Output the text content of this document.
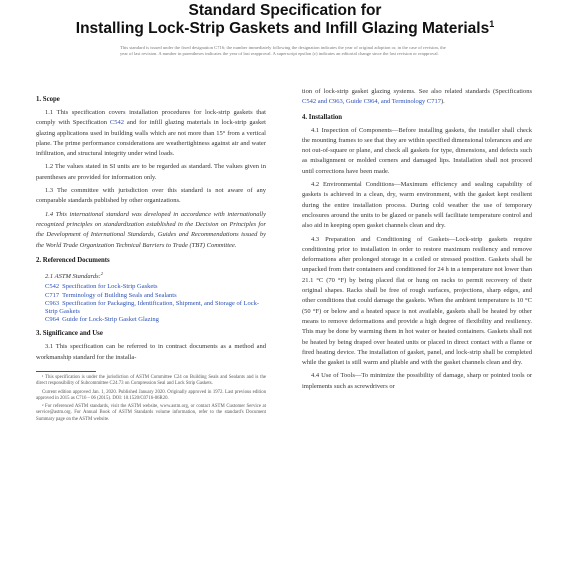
Standard Specification for
Installing Lock-Strip Gaskets and Infill Glazing Materials$^1$
This standard is issued under the fixed designation C716; the number immediately following the designation indicates the year of original adoption or, in the case of revision, the year of last revision. A number in parentheses indicates the year of last reapproval. A superscript epsilon (ε) indicates an editorial change since the last revision or reapproval.
1. Scope

1.1 This specification covers installation procedures for lock-strip gaskets that comply with Specification C542 and for infill glazing materials in lock-strip gasket glazing applications used in building walls which are not more than 15° from a vertical plane. The prime performance considerations are weathertightness against air and water infiltration, and structural integrity under wind loads.

1.2 The values stated in SI units are to be regarded as standard. The values given in parentheses are provided for information only.

1.3 The committee with jurisdiction over this standard is not aware of any comparable standards published by other organizations.

1.4 This international standard was developed in accordance with internationally recognized principles on standardization established in the Decision on Principles for the Development of International Standards, Guides and Recommendations issued by the World Trade Organization Technical Barriers to Trade (TBT) Committee.

2. Referenced Documents

2.1 ASTM Standards:$^2$

C542 Specification for Lock-Strip Gaskets
C717 Terminology of Building Seals and Sealants
C963 Specification for Packaging, Identification, Shipment, and Storage of Lock-Strip Gaskets
C964 Guide for Lock-Strip Gasket Glazing
3. Significance and Use

3.1 This specification can be referred to in contract documents as a method and workmanship standard for the installa-

¹ This specification is under the jurisdiction of ASTM Committee C24 on Building Seals and Sealants and is the direct responsibility of Subcommittee C24.73 on Compression Seal and Lock Strip Gaskets.

Current edition approved Jan. 1, 2020. Published January 2020. Originally approved in 1972. Last previous edition approved in 2015 as C716 – 06 (2015). DOI: 10.1520/C0716-06R20.

² For referenced ASTM standards, visit the ASTM website, www.astm.org, or contact ASTM Customer Service at service@astm.org. For Annual Book of ASTM Standards volume information, refer to the standard's Document Summary page on the ASTM website.

tion of lock-strip gasket glazing systems. See also related standards (Specifications C542 and C963, Guide C964, and Terminology C717).

4. Installation

4.1 Inspection of Components—Before installing gaskets, the installer shall check the mounting frames to see that they are within specified dimensional tolerances and are not out-of-square or plane, and check all gaskets for type, dimensions, and defects such as misalignment or molded corners and damaged lips. Installation shall not proceed until corrections have been made.

4.2 Environmental Conditions—Maximum efficiency and sealing capability of gaskets is achieved in a clean, dry, warm environment, with the gasket kept resilient during the entire installation process. During cold weather the use of temporary enclosures around the units to be glazed or panels will facilitate temperature control and also aid in keeping open gasket channels clean and dry.

4.3 Preparation and Conditioning of Gaskets—Lock-strip gaskets require conditioning prior to installation in order to restore maximum resiliency and remove deformations after prolonged storage in a coiled or stressed position. Gaskets shall be unpacked from their containers and conditioned for 24 h in a temperature not lower than 21.1 °C (70 °F) by being placed flat or hung on racks to permit recovery of their original shapes. Racks shall be free of rough surfaces, projections, sharp edges, and other conditions that could damage the gaskets. When the ambient temperature is 10 °C (50 °F) or below and a heated space is not available, gaskets shall be heated by other means to remove deformations and provide a high degree of flexibility and resiliency. This may be done by warming them in hot water or heated containers. Gaskets shall not be heated by being draped over heated units or placed in direct contact with a flame or fired heating device. The installation of gasket, panel, and lock-strip shall be completed while the gasket is still warm and pliable and with the gasket channels clean and dry.

4.4 Use of Tools—To minimize the possibility of damage, sharp or pointed tools or implements such as screwdrivers or
